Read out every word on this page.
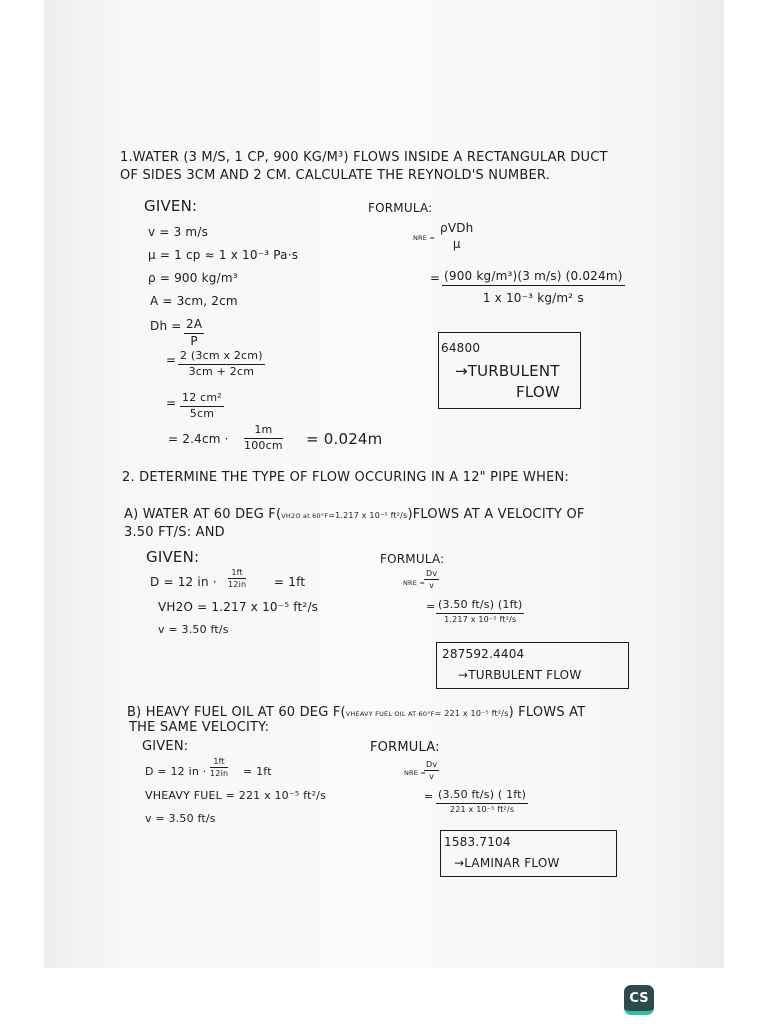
1.WATER (3 M/S, 1 CP, 900 KG/M³) FLOWS INSIDE A RECTANGULAR DUCT
OF SIDES 3CM AND 2 CM. CALCULATE THE REYNOLD'S NUMBER.
GIVEN:	FORMULA:
v = 3 m/s
μ = 1 cp ≈ 1 x 10⁻³ Pa·s
ρ = 900 kg/m³
A = 3cm, 2cm
$Dh = \frac{2A}{P}$
= $\frac{\text{2 (3cm x 2cm)}}{3cm + 2cm}$
= $\frac{\text{12 cm²}}{5cm}$
= $2.4cm \cdot \frac{1m}{100cm} = 0.024m$
NRE =
ρVDh
μ
= $\frac{\text{(900 kg/m³)(3 m/s) (0.024m)}}{\text{1 x 10⁻³ kg/m² s}}$
64800
→TURBULENT
FLOW
2. DETERMINE THE TYPE OF FLOW OCCURING IN A 12" PIPE WHEN:
A) WATER AT 60 DEG F(VH2O at 60°F=1.217 x 10⁻⁵ ft²/s)FLOWS AT A VELOCITY OF
3.50 FT/S: AND
GIVEN:	FORMULA:
D = 12 in · $\frac{1ft}{12in} = 1ft$
VH2O = 1.217 x 10⁻⁵ ft²/s
v = 3.50 ft/s
NRE = $\frac{Dv}{v}$
= (3.50 ft/s) (1ft)
1.217 x 10⁻⁵ ft²/s
287592.4404
→TURBULENT FLOW
B) HEAVY FUEL OIL AT 60 DEG F(VHEAVY FUEL OIL AT 60°F= 221 x 10⁻⁵ ft²/s) FLOWS AT
THE SAME VELOCITY:
GIVEN:	FORMULA:
D = 12 in · $\frac{1ft}{12in} = 1ft$
VHEAVY FUEL = 221 x 10⁻⁵ ft²/s
v = 3.50 ft/s
NRE =
$\frac{Dv}{v}$
= (3.50 ft/s) ( 1ft)
221 x 10⁻⁵ ft²/s
1583.7104
→LAMINAR FLOW
CS
